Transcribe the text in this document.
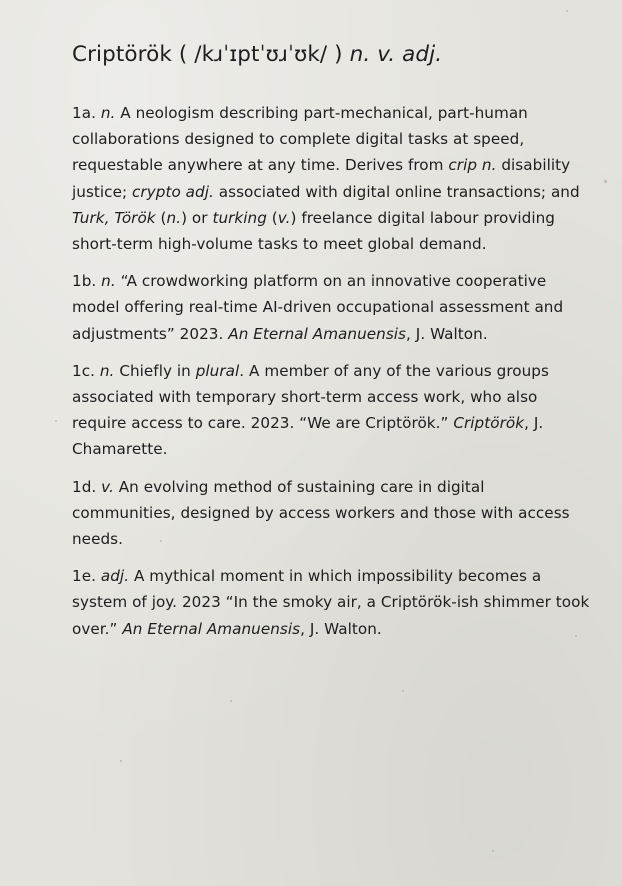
Criptörök ( /kɹˈɪptˈʊɹˈʊk/ ) n. v. adj.

1a. n. A neologism describing part-mechanical, part-human collaborations designed to complete digital tasks at speed, requestable anywhere at any time. Derives from crip n. disability justice; crypto adj. associated with digital online transactions; and Turk, Török (n.) or turking (v.) freelance digital labour providing short-term high-volume tasks to meet global demand.

1b. n. “A crowdworking platform on an innovative cooperative model offering real-time AI-driven occupational assessment and adjustments” 2023. An Eternal Amanuensis, J. Walton.

1c. n. Chiefly in plural. A member of any of the various groups associated with temporary short-term access work, who also require access to care. 2023. “We are Criptörök.” Criptörök, J. Chamarette.

1d. v. An evolving method of sustaining care in digital communities, designed by access workers and those with access needs.

1e. adj. A mythical moment in which impossibility becomes a system of joy. 2023 “In the smoky air, a Criptörök-ish shimmer took over.” An Eternal Amanuensis, J. Walton.
